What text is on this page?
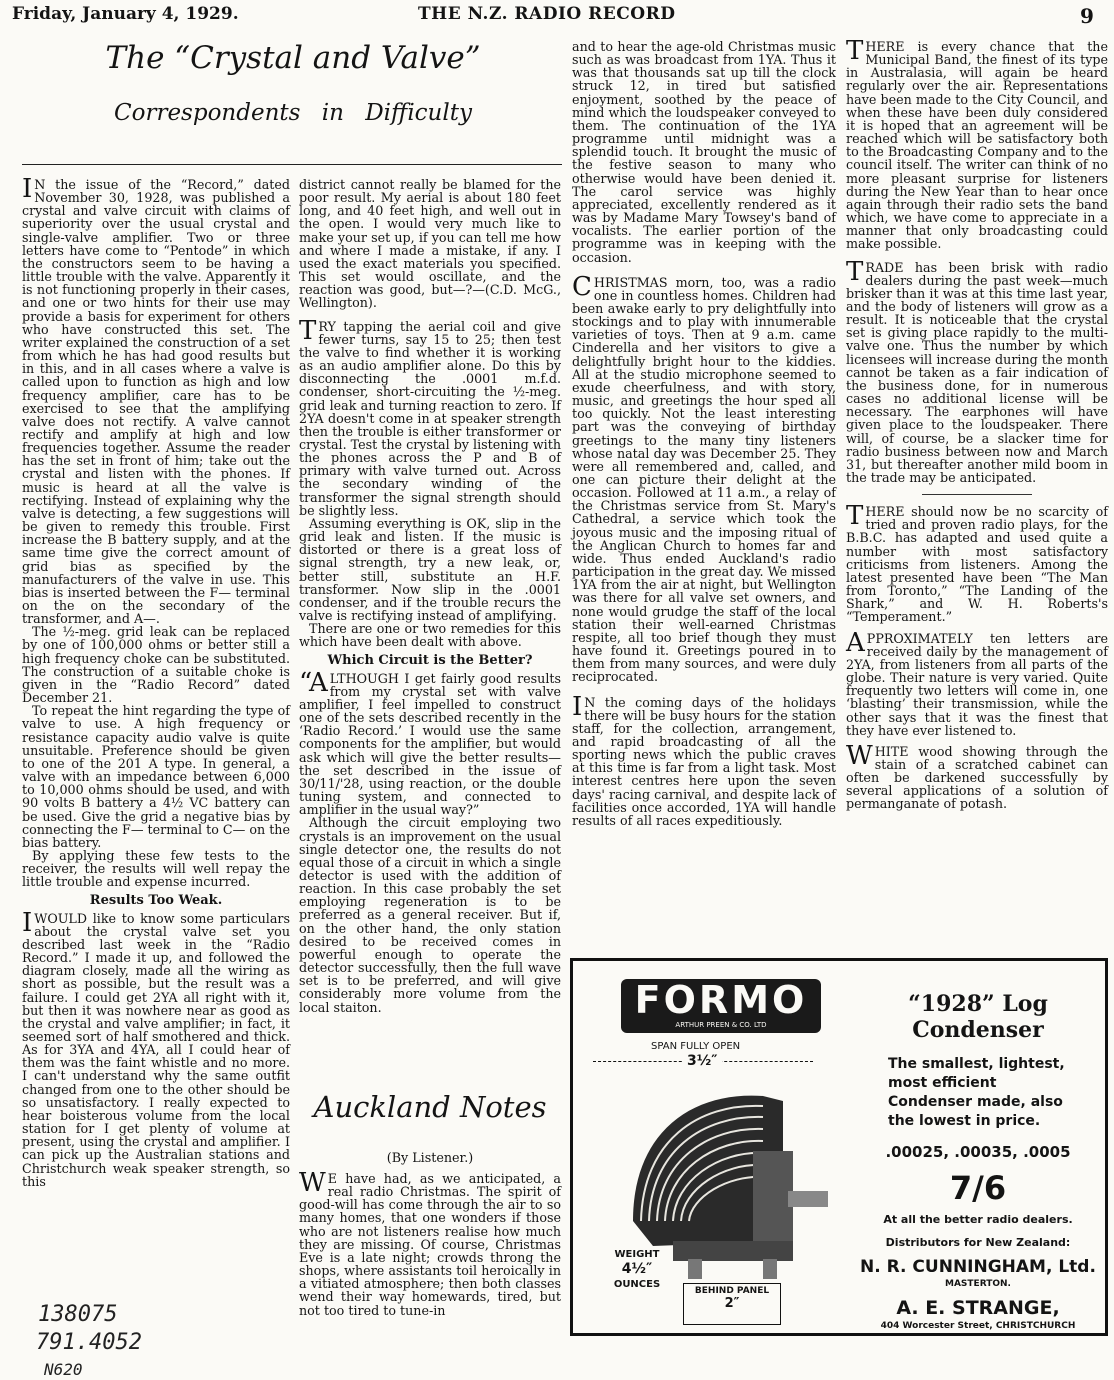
Friday, January 4, 1929.	THE N.Z. RADIO RECORD	9
The “Crystal and Valve”
Correspondents in Difficulty

IN the issue of the “Record,” dated November 30, 1928, was published a crystal and valve circuit with claims of superiority over the usual crystal and single-valve amplifier. Two or three letters have come to “Pentode” in which the constructors seem to be having a little trouble with the valve. Apparently it is not functioning properly in their cases, and one or two hints for their use may provide a basis for experiment for others who have constructed this set. The writer explained the construction of a set from which he has had good results but in this, and in all cases where a valve is called upon to function as high and low frequency amplifier, care has to be exercised to see that the amplifying valve does not rectify. A valve cannot rectify and amplify at high and low frequencies together. Assume the reader has the set in front of him; take out the crystal and listen with the phones. If music is heard at all the valve is rectifying. Instead of explaining why the valve is detecting, a few suggestions will be given to remedy this trouble. First increase the B battery supply, and at the same time give the correct amount of grid bias as specified by the manufacturers of the valve in use. This bias is inserted between the F— terminal on the on the secondary of the transformer, and A—.

The ½-meg. grid leak can be replaced by one of 100,000 ohms or better still a high frequency choke can be substituted. The construction of a suitable choke is given in the “Radio Record” dated December 21.

To repeat the hint regarding the type of valve to use. A high frequency or resistance capacity audio valve is quite unsuitable. Preference should be given to one of the 201 A type. In general, a valve with an impedance between 6,000 to 10,000 ohms should be used, and with 90 volts B battery a 4½ VC battery can be used. Give the grid a negative bias by connecting the F— terminal to C— on the bias battery.

By applying these few tests to the receiver, the results will well repay the little trouble and expense incurred.

Results Too Weak.

IWOULD like to know some particulars about the crystal valve set you described last week in the “Radio Record.” I made it up, and followed the diagram closely, made all the wiring as short as possible, but the result was a failure. I could get 2YA all right with it, but then it was nowhere near as good as the crystal and valve amplifier; in fact, it seemed sort of half smothered and thick. As for 3YA and 4YA, all I could hear of them was the faint whistle and no more. I can't understand why the same outfit changed from one to the other should be so unsatisfactory. I really expected to hear boisterous volume from the local station for I get plenty of volume at present, using the crystal and amplifier. I can pick up the Australian stations and Christchurch weak speaker strength, so this

district cannot really be blamed for the poor result. My aerial is about 180 feet long, and 40 feet high, and well out in the open. I would very much like to make your set up, if you can tell me how and where I made a mistake, if any. I used the exact materials you specified. This set would oscillate, and the reaction was good, but—?—(C.D. McG., Wellington).

TRY tapping the aerial coil and give fewer turns, say 15 to 25; then test the valve to find whether it is working as an audio amplifier alone. Do this by disconnecting the .0001 m.f.d. condenser, short-circuiting the ½-meg. grid leak and turning reaction to zero. If 2YA doesn't come in at speaker strength then the trouble is either transformer or crystal. Test the crystal by listening with the phones across the P and B of primary with valve turned out. Across the secondary winding of the transformer the signal strength should be slightly less.

Assuming everything is OK, slip in the grid leak and listen. If the music is distorted or there is a great loss of signal strength, try a new leak, or, better still, substitute an H.F. transformer. Now slip in the .0001 condenser, and if the trouble recurs the valve is rectifying instead of amplifying.

There are one or two remedies for this which have been dealt with above.

Which Circuit is the Better?

“ALTHOUGH I get fairly good results from my crystal set with valve amplifier, I feel impelled to construct one of the sets described recently in the ‘Radio Record.’ I would use the same components for the amplifier, but would ask which will give the better results—the set described in the issue of 30/11/'28, using reaction, or the double tuning system, and connected to amplifier in the usual way?”

Although the circuit employing two crystals is an improvement on the usual single detector one, the results do not equal those of a circuit in which a single detector is used with the addition of reaction. In this case probably the set employing regeneration is to be preferred as a general receiver. But if, on the other hand, the only station desired to be received comes in powerful enough to operate the detector successfully, then the full wave set is to be preferred, and will give considerably more volume from the local staiton.

Auckland Notes
(By Listener.)

WE have had, as we anticipated, a real radio Christmas. The spirit of good-will has come through the air to so many homes, that one wonders if those who are not listeners realise how much they are missing. Of course, Christmas Eve is a late night; crowds throng the shops, where assistants toil heroically in a vitiated atmosphere; then both classes wend their way homewards, tired, but not too tired to tune-in

and to hear the age-old Christmas music such as was broadcast from 1YA. Thus it was that thousands sat up till the clock struck 12, in tired but satisfied enjoyment, soothed by the peace of mind which the loudspeaker conveyed to them. The continuation of the 1YA programme until midnight was a splendid touch. It brought the music of the festive season to many who otherwise would have been denied it. The carol service was highly appreciated, excellently rendered as it was by Madame Mary Towsey's band of vocalists. The earlier portion of the programme was in keeping with the occasion.

CHRISTMAS morn, too, was a radio one in countless homes. Children had been awake early to pry delightfully into stockings and to play with innumerable varieties of toys. Then at 9 a.m. came Cinderella and her visitors to give a delightfully bright hour to the kiddies. All at the studio microphone seemed to exude cheerfulness, and with story, music, and greetings the hour sped all too quickly. Not the least interesting part was the conveying of birthday greetings to the many tiny listeners whose natal day was December 25. They were all remembered and, called, and one can picture their delight at the occasion. Followed at 11 a.m., a relay of the Christmas service from St. Mary's Cathedral, a service which took the joyous music and the imposing ritual of the Anglican Church to homes far and wide. Thus ended Auckland's radio participation in the great day. We missed 1YA from the air at night, but Wellington was there for all valve set owners, and none would grudge the staff of the local station their well-earned Christmas respite, all too brief though they must have found it. Greetings poured in to them from many sources, and were duly reciprocated.

IN the coming days of the holidays there will be busy hours for the station staff, for the collection, arrangement, and rapid broadcasting of all the sporting news which the public craves at this time is far from a light task. Most interest centres here upon the seven days' racing carnival, and despite lack of facilities once accorded, 1YA will handle results of all races expeditiously.

THERE is every chance that the Municipal Band, the finest of its type in Australasia, will again be heard regularly over the air. Representations have been made to the City Council, and when these have been duly considered it is hoped that an agreement will be reached which will be satisfactory both to the Broadcasting Company and to the council itself. The writer can think of no more pleasant surprise for listeners during the New Year than to hear once again through their radio sets the band which, we have come to appreciate in a manner that only broadcasting could make possible.

TRADE has been brisk with radio dealers during the past week—much brisker than it was at this time last year, and the body of listeners will grow as a result. It is noticeable that the crystal set is giving place rapidly to the multi-valve one. Thus the number by which licensees will increase during the month cannot be taken as a fair indication of the business done, for in numerous cases no additional license will be necessary. The earphones will have given place to the loudspeaker. There will, of course, be a slacker time for radio business between now and March 31, but thereafter another mild boom in the trade may be anticipated.

THERE should now be no scarcity of tried and proven radio plays, for the B.B.C. has adapted and used quite a number with most satisfactory criticisms from listeners. Among the latest presented have been “The Man from Toronto,” “The Landing of the Shark,” and W. H. Roberts's “Temperament.”

APPROXIMATELY ten letters are received daily by the management of 2YA, from listeners from all parts of the globe. Their nature is very varied. Quite frequently two letters will come in, one ‘blasting’ their transmission, while the other says that it was the finest that they have ever listened to.

WHITE wood showing through the stain of a scratched cabinet can often be darkened successfully by several applications of a solution of permanganate of potash.

FORMO
ARTHUR PREEN & CO. LTD
SPAN FULLY OPEN
3½″
WEIGHT
4½″
OUNCES
BEHIND PANEL
2″
“1928” Log Condenser
The smallest, lightest, most efficient Condenser made, also the lowest in price.
.00025, .00035, .0005
7/6
At all the better radio dealers.
Distributors for New Zealand:
N. R. CUNNINGHAM, Ltd.
MASTERTON.
A. E. STRANGE,
404 Worcester Street, CHRISTCHURCH
138075
791.4052
N620
